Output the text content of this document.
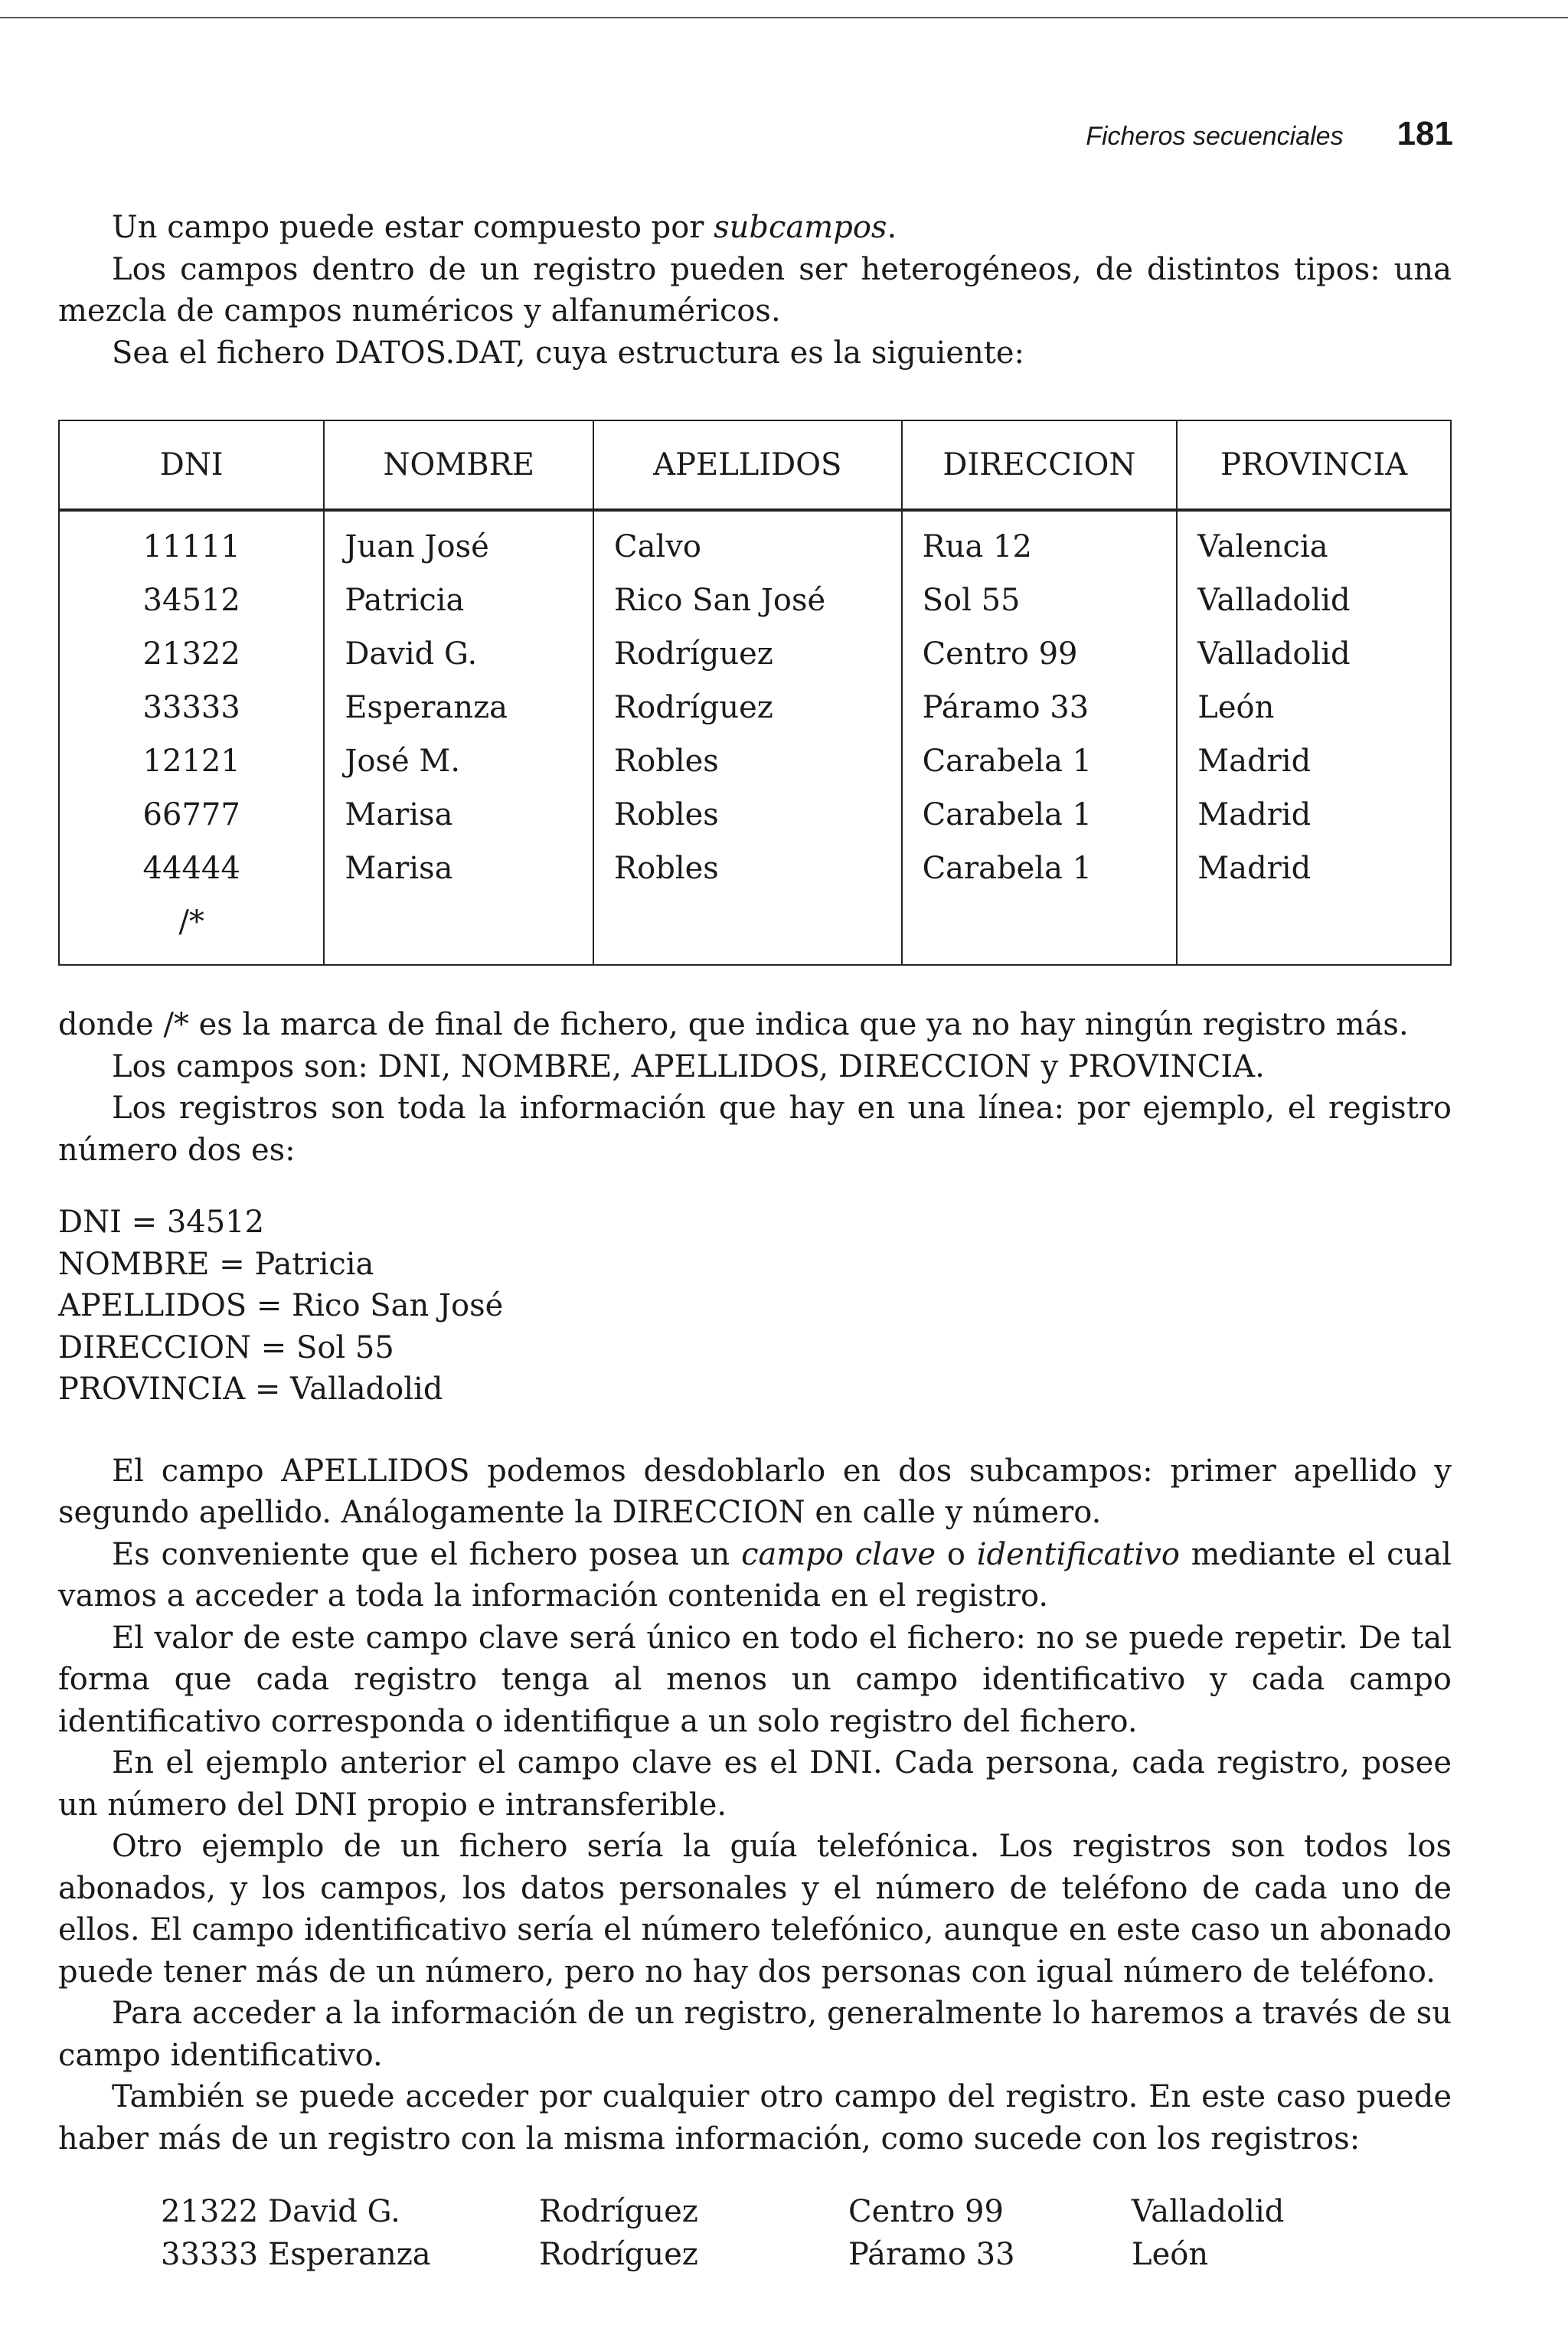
Ficheros secuenciales 181

Un campo puede estar compuesto por subcampos.

Los campos dentro de un registro pueden ser heterogéneos, de distintos tipos: una mezcla de campos numéricos y alfanuméricos.

Sea el fichero DATOS.DAT, cuya estructura es la siguiente:

DNI	NOMBRE	APELLIDOS	DIRECCION	PROVINCIA

11111	Juan José	Calvo	Rua 12	Valencia
34512	Patricia	Rico San José	Sol 55	Valladolid
21322	David G.	Rodríguez	Centro 99	Valladolid
33333	Esperanza	Rodríguez	Páramo 33	León
12121	José M.	Robles	Carabela 1	Madrid
66777	Marisa	Robles	Carabela 1	Madrid
44444	Marisa	Robles	Carabela 1	Madrid
/*				

donde /* es la marca de final de fichero, que indica que ya no hay ningún registro más.

Los campos son: DNI, NOMBRE, APELLIDOS, DIRECCION y PROVINCIA.

Los registros son toda la información que hay en una línea: por ejemplo, el registro número dos es:

DNI = 34512
NOMBRE = Patricia
APELLIDOS = Rico San José
DIRECCION = Sol 55
PROVINCIA = Valladolid

El campo APELLIDOS podemos desdoblarlo en dos subcampos: primer apellido y segundo apellido. Análogamente la DIRECCION en calle y número.

Es conveniente que el fichero posea un campo clave o identificativo mediante el cual vamos a acceder a toda la información contenida en el registro.

El valor de este campo clave será único en todo el fichero: no se puede repetir. De tal forma que cada registro tenga al menos un campo identificativo y cada campo identificativo corresponda o identifique a un solo registro del fichero.

En el ejemplo anterior el campo clave es el DNI. Cada persona, cada registro, posee un número del DNI propio e intransferible.

Otro ejemplo de un fichero sería la guía telefónica. Los registros son todos los abonados, y los campos, los datos personales y el número de teléfono de cada uno de ellos. El campo identificativo sería el número telefónico, aunque en este caso un abonado puede tener más de un número, pero no hay dos personas con igual número de teléfono.

Para acceder a la información de un registro, generalmente lo haremos a través de su campo identificativo.

También se puede acceder por cualquier otro campo del registro. En este caso puede haber más de un registro con la misma información, como sucede con los registros:

21322	David G.	Rodríguez	Centro 99	Valladolid
33333	Esperanza	Rodríguez	Páramo 33	León
